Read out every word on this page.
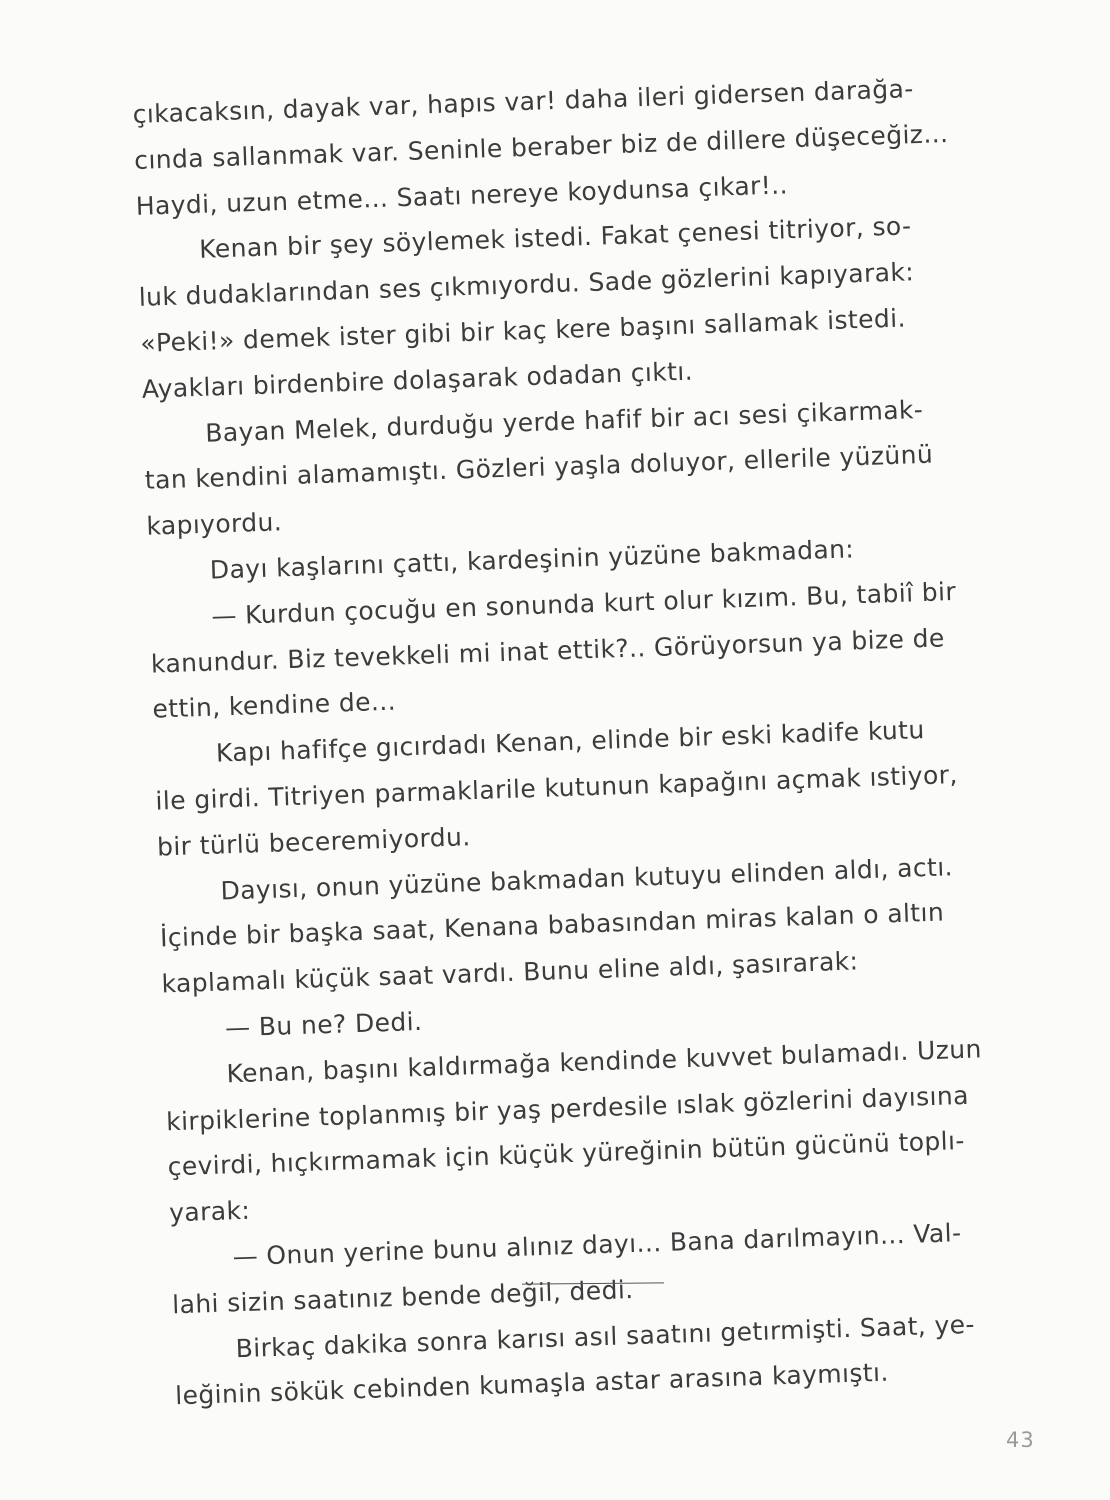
çıkacaksın, dayak var, hapıs var! daha ileri gidersen darağa-
cında sallanmak var. Seninle beraber biz de dillere düşeceğiz...
Haydi, uzun etme... Saatı nereye koydunsa çıkar!..
Kenan bir şey söylemek istedi. Fakat çenesi titriyor, so-
luk dudaklarından ses çıkmıyordu. Sade gözlerini kapıyarak:
«Peki!» demek ister gibi bir kaç kere başını sallamak istedi.
Ayakları birdenbire dolaşarak odadan çıktı.
Bayan Melek, durduğu yerde hafif bir acı sesi çikarmak-
tan kendini alamamıştı. Gözleri yaşla doluyor, ellerile yüzünü
kapıyordu.
Dayı kaşlarını çattı, kardeşinin yüzüne bakmadan:
— Kurdun çocuğu en sonunda kurt olur kızım. Bu, tabiî bir
kanundur. Biz tevekkeli mi inat ettik?.. Görüyorsun ya bize de
ettin, kendine de...
Kapı hafifçe gıcırdadı Kenan, elinde bir eski kadife kutu
ile girdi. Titriyen parmaklarile kutunun kapağını açmak ıstiyor,
bir türlü beceremiyordu.
Dayısı, onun yüzüne bakmadan kutuyu elinden aldı, actı.
İçinde bir başka saat, Kenana babasından miras kalan o altın
kaplamalı küçük saat vardı. Bunu eline aldı, şasırarak:
— Bu ne? Dedi.
Kenan, başını kaldırmağa kendinde kuvvet bulamadı. Uzun
kirpiklerine toplanmış bir yaş perdesile ıslak gözlerini dayısına
çevirdi, hıçkırmamak için küçük yüreğinin bütün gücünü toplı-
yarak:
— Onun yerine bunu alınız dayı... Bana darılmayın... Val-
lahi sizin saatınız bende değil, dedi.
Birkaç dakika sonra karısı asıl saatını getırmişti. Saat, ye-
leğinin sökük cebinden kumaşla astar arasına kaymıştı.
43
